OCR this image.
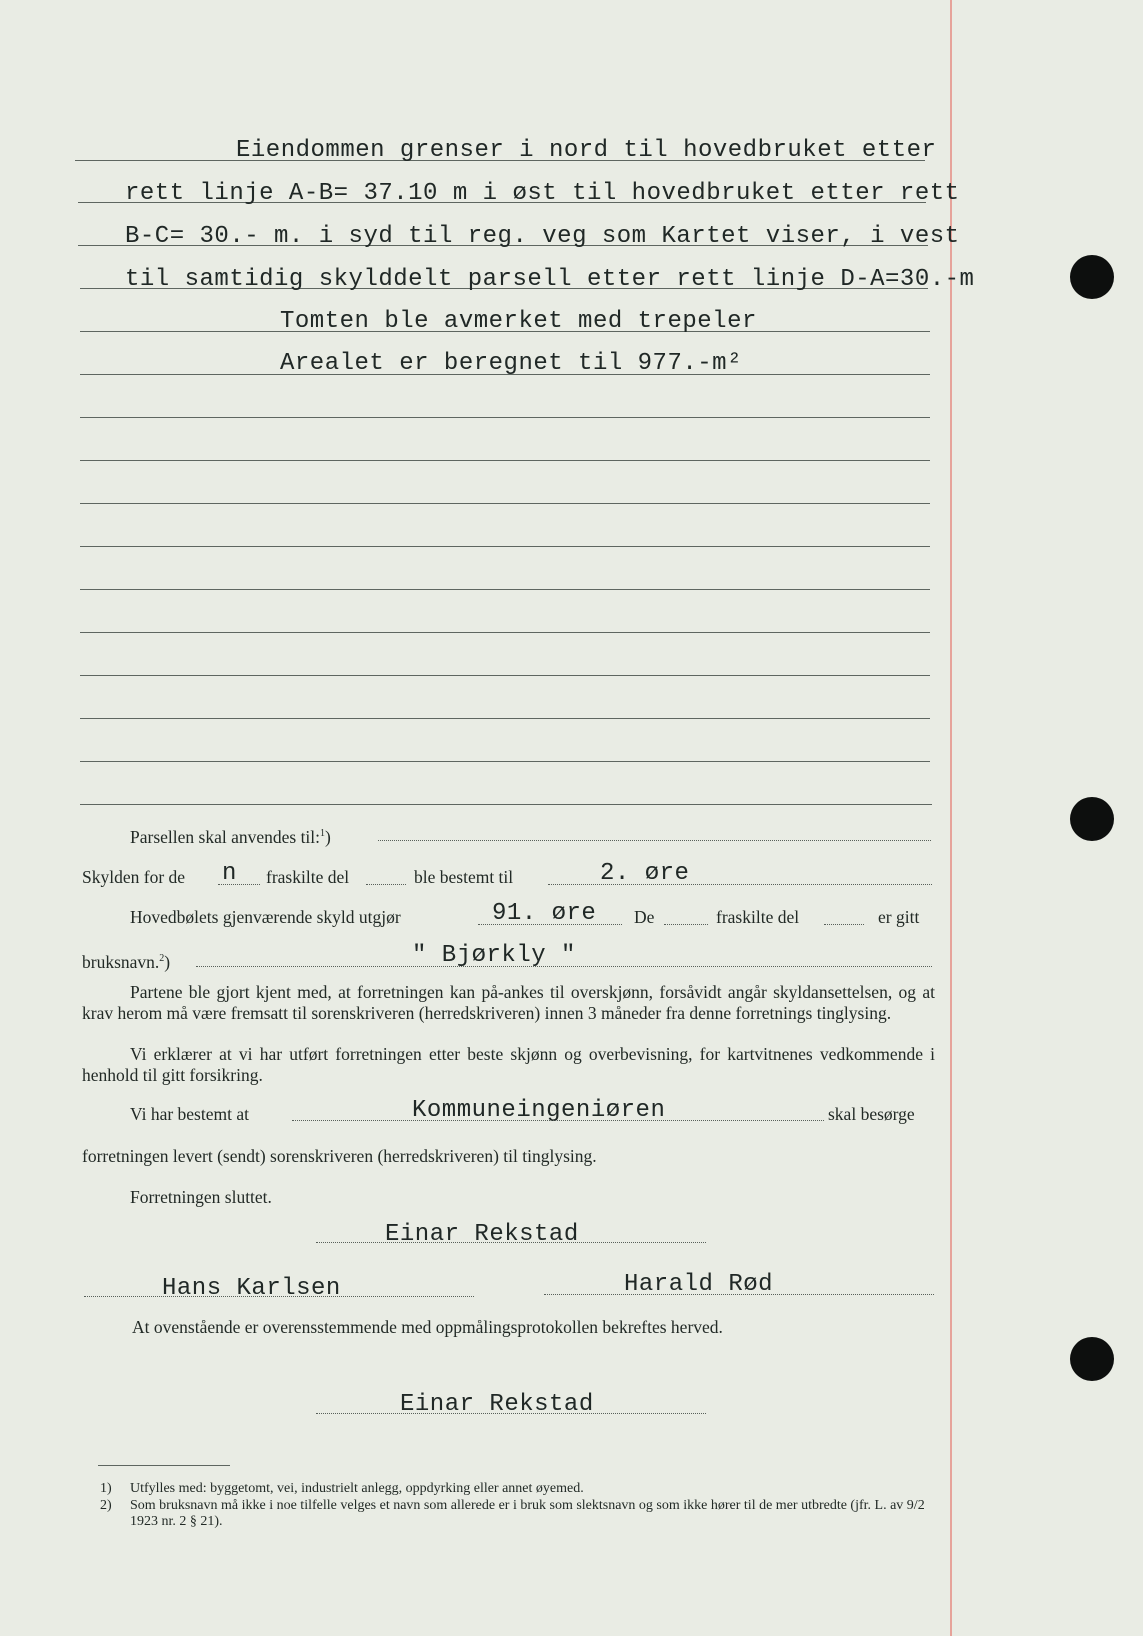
Eiendommen grenser i nord til hovedbruket etter
rett linje A-B= 37.10 m i øst til hovedbruket etter rett
B-C= 30.- m. i syd til reg. veg som Kartet viser, i vest
til samtidig skylddelt parsell etter rett linje D-A=30.-m
Tomten ble avmerket med trepeler
Arealet er beregnet til 977.-m²
Parsellen skal anvendes til:$^1$)
Skylden for de n fraskilte del	ble bestemt til	2. øre
Hovedbølets gjenværende skyld utgjør	91. øre De	fraskilte del	er gitt
bruksnavn.$^2$)	" Bjørkly "

Partene ble gjort kjent med, at forretningen kan på-ankes til overskjønn, forsåvidt angår skyldansettelsen, og at krav herom må være fremsatt til sorenskriveren (herredskriveren) innen 3 måneder fra denne forretnings tinglysing.

Vi erklærer at vi har utført forretningen etter beste skjønn og overbevisning, for kartvitnenes vedkommende i henhold til gitt forsikring.

Vi har bestemt at	Kommuneingeniøren	skal besørge
forretningen levert (sendt) sorenskriveren (herredskriveren) til tinglysing.
Forretningen sluttet.
Einar Rekstad
Hans Karlsen	Harald Rød
At ovenstående er overensstemmende med oppmålingsprotokollen bekreftes herved.
Einar Rekstad
1) Utfylles med: byggetomt, vei, industrielt anlegg, oppdyrking eller annet øyemed.
2) Som bruksnavn må ikke i noe tilfelle velges et navn som allerede er i bruk som slektsnavn og som ikke hører til de mer utbredte (jfr. L. av 9/2 1923 nr. 2 § 21).
